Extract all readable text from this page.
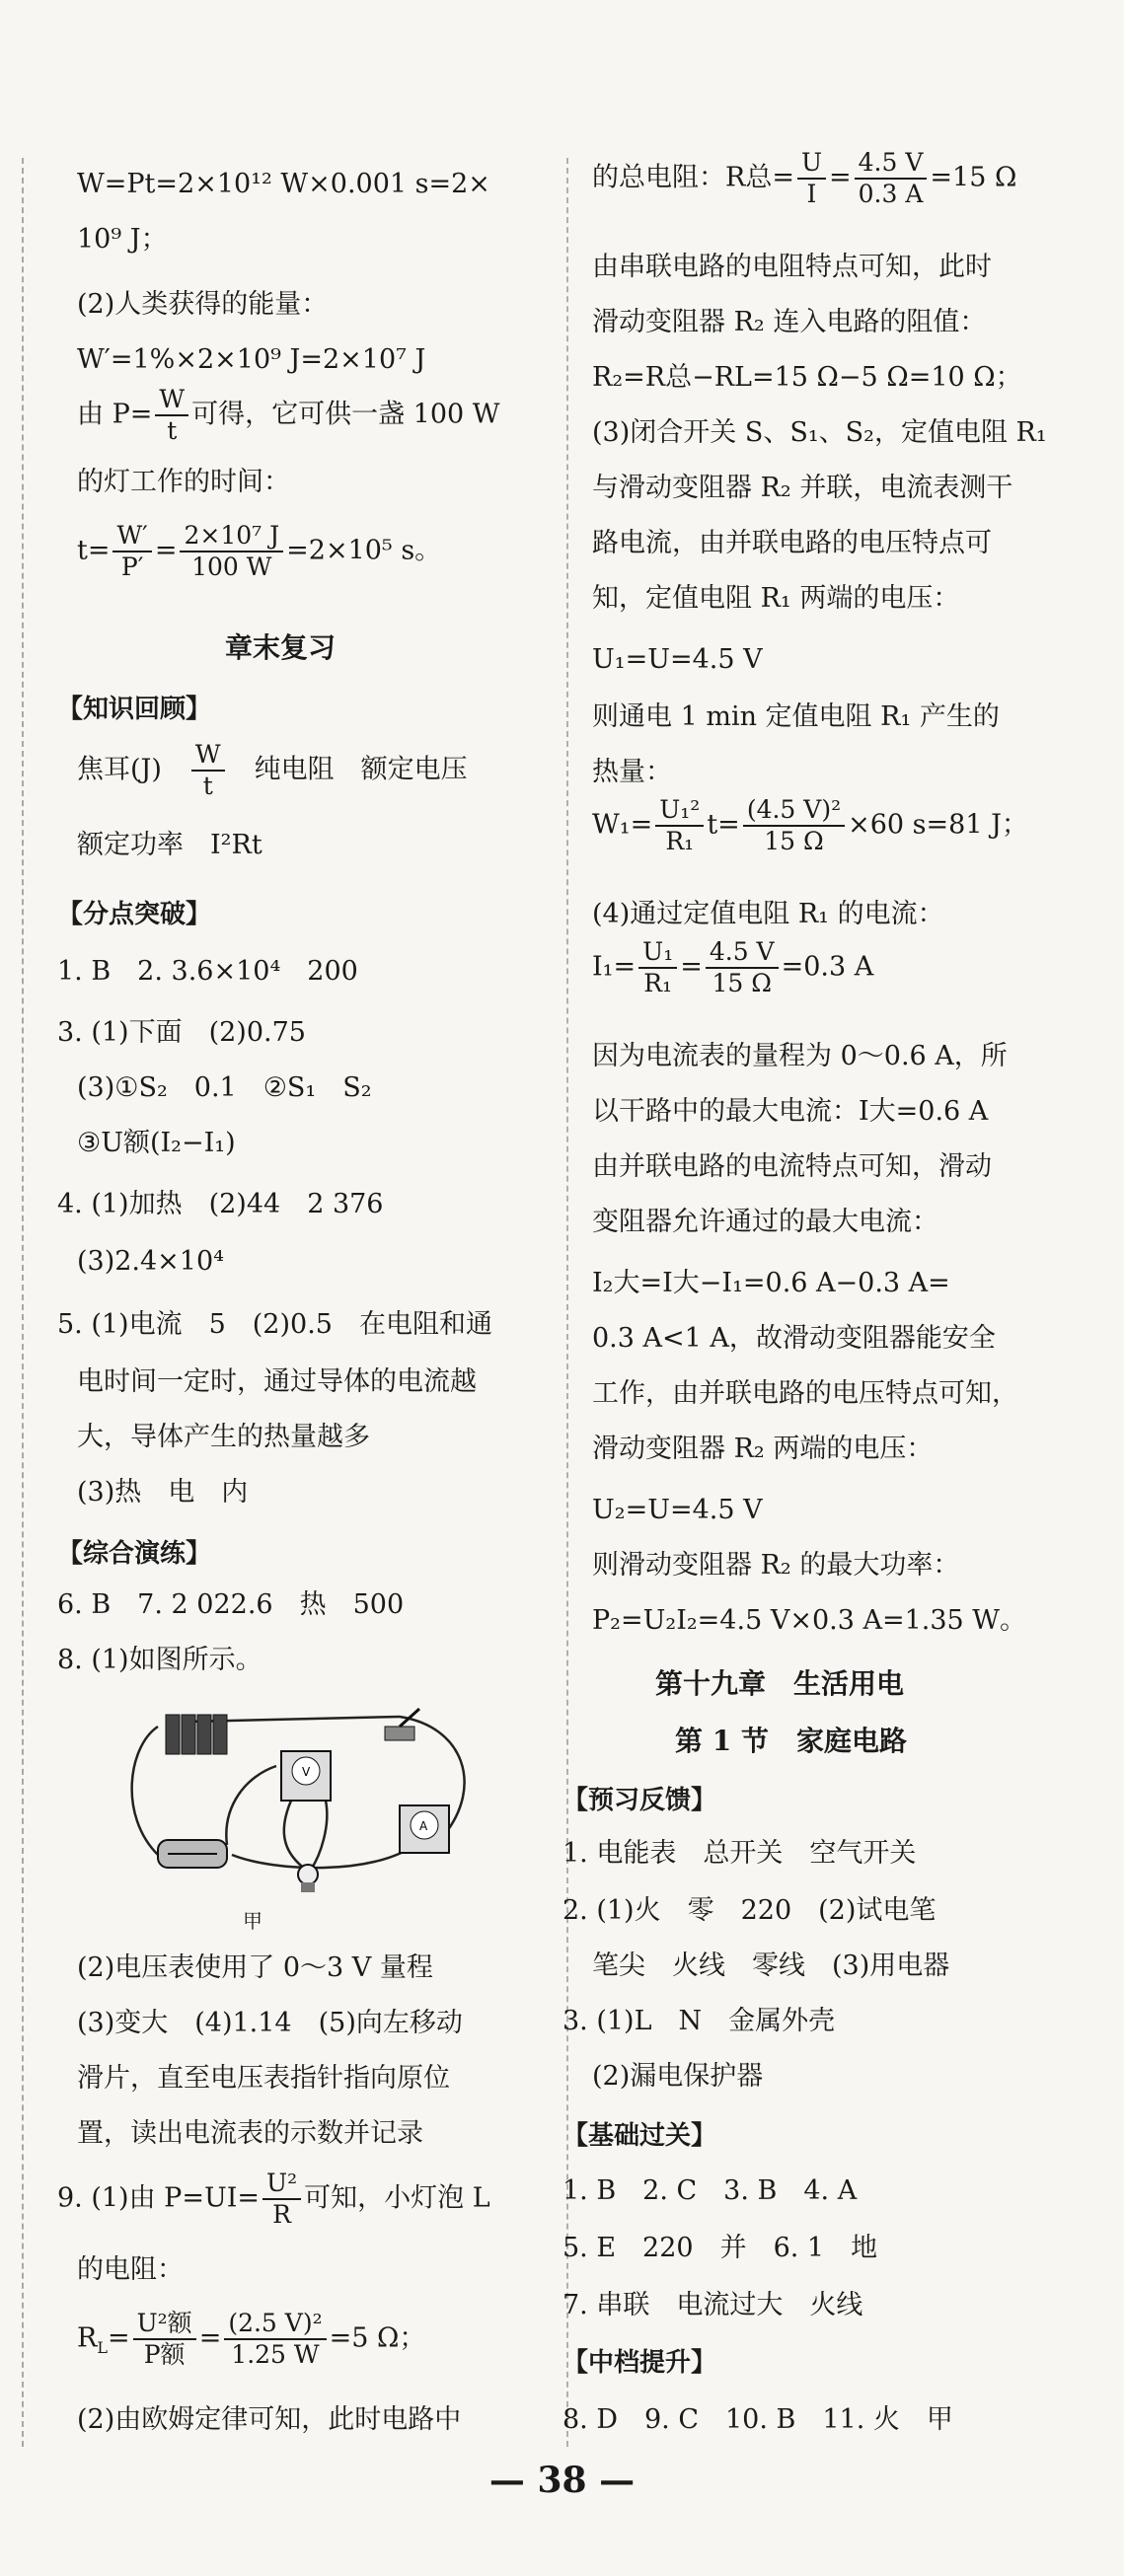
W=Pt=2×10¹² W×0.001 s=2×
10⁹ J；
(2)人类获得的能量：
W′=1%×2×10⁹ J=2×10⁷ J
由 $P= \frac{W}{t}$ 可得，它可供一盏 100 W
的灯工作的时间：
$t= \frac{W'}{P'} = \frac{\text{2×10⁷ J}}{100 W} =2\times 10^5$ s。
章末复习
【知识回顾】
焦耳(J)　 $\frac{W}{t}$
　 纯电阻　额定电压
额定功率　I²Rt
【分点突破】
1. B　2. 3.6×10⁴　200
3. (1)下面　(2)0.75
(3)①S₂　0.1　②S₁　S₂
③U额(I₂−I₁)
4. (1)加热　(2)44　2 376
(3)2.4×10⁴
5. (1)电流　5　(2)0.5　在电阻和通
电时间一定时，通过导体的电流越
大，导体产生的热量越多
(3)热　电　内
【综合演练】
6. B　7. 2 022.6　热　500
8. (1)如图所示。
甲
(2)电压表使用了 0～3 V 量程
(3)变大　(4)1.14　(5)向左移动
滑片，直至电压表指针指向原位
置，读出电流表的示数并记录
9. (1)由 $P=UI= \frac{\text{U²}}{R}$ 可知，小灯泡 L
的电阻：
$R_L= \frac{\text{U²额}}{\text{P额}} = \frac{\text{(2.5 V)²}}{1.25 W} =5$ Ω；
(2)由欧姆定律可知，此时电路中
V
A
的总电阻：R总= $\frac{U}{I} = \frac{4.5 V}{0.3 A} =15$ Ω
由串联电路的电阻特点可知，此时
滑动变阻器 R₂ 连入电路的阻值：
R₂=R总−RL=15 Ω−5 Ω=10 Ω；
(3)闭合开关 S、S₁、S₂，定值电阻 R₁
与滑动变阻器 R₂ 并联，电流表测干
路电流，由并联电路的电压特点可
知，定值电阻 R₁ 两端的电压：
U₁=U=4.5 V
则通电 1 min 定值电阻 R₁ 产生的
热量：
$W_1= \frac{\text{U₁²}}{\text{R₁}} t= \frac{\text{(4.5 V)²}}{15 \Omega} \times 60$ s=81 J；
(4)通过定值电阻 R₁ 的电流：
$I_1= \frac{\text{U₁}}{\text{R₁}} = \frac{4.5 V}{15 \Omega} =0.3$ A
因为电流表的量程为 0～0.6 A，所
以干路中的最大电流：I大=0.6 A
由并联电路的电流特点可知，滑动
变阻器允许通过的最大电流：
I₂大=I大−I₁=0.6 A−0.3 A=
0.3 A<1 A，故滑动变阻器能安全
工作，由并联电路的电压特点可知，
滑动变阻器 R₂ 两端的电压：
U₂=U=4.5 V
则滑动变阻器 R₂ 的最大功率：
P₂=U₂I₂=4.5 V×0.3 A=1.35 W。
第十九章　生活用电
第 1 节　家庭电路
【预习反馈】
1. 电能表　总开关　空气开关
2. (1)火　零　220　(2)试电笔
笔尖　火线　零线　(3)用电器
3. (1)L　N　金属外壳
(2)漏电保护器
【基础过关】
1. B　2. C　3. B　4. A
5. E　220　并　6. 1　地
7. 串联　电流过大　火线
【中档提升】
8. D　9. C　10. B　11. 火　甲
— 38 —
